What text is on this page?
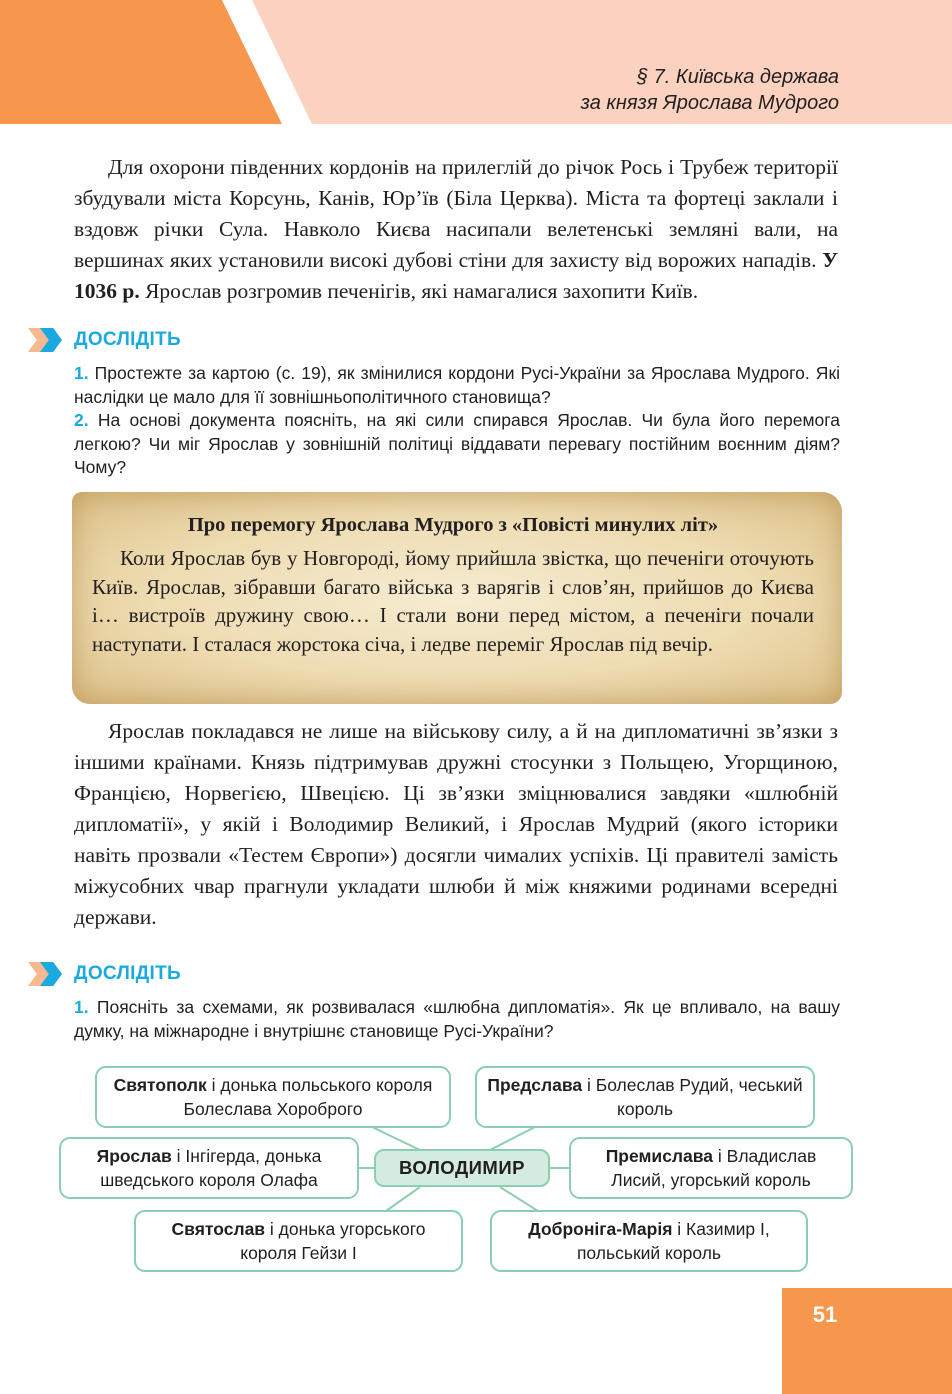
§ 7. Київська держава
за князя Ярослава Мудрого

Для охорони південних кордонів на прилеглій до річок Рось і Трубеж території збудували міста Корсунь, Канів, Юр’їв (Біла Церква). Міста та фортеці заклали і вздовж річки Сула. Навколо Києва насипали велетенські земляні вали, на вершинах яких установили високі дубові стіни для захисту від ворожих нападів. У 1036 р. Ярослав розгромив печенігів, які намагалися захопити Київ.

ДОСЛІДІТЬ

1. Простежте за картою (с. 19), як змінилися кордони Русі-України за Ярослава Мудрого. Які наслідки це мало для її зовнішньополітичного становища?

2. На основі документа поясніть, на які сили спирався Ярослав. Чи була його перемога легкою? Чи міг Ярослав у зовнішній політиці віддавати перевагу постійним воєнним діям? Чому?

Про перемогу Ярослава Мудрого з «Повісті минулих літ»

Коли Ярослав був у Новгороді, йому прийшла звістка, що печеніги оточують Київ. Ярослав, зібравши багато війська з варягів і слов’ян, прийшов до Києва і… вистроїв дружину свою… І стали вони перед містом, а печеніги почали наступати. І сталася жорстока січа, і ледве переміг Ярослав під вечір.

Ярослав покладався не лише на військову силу, а й на дипломатичні зв’язки з іншими країнами. Князь підтримував дружні стосунки з Польщею, Угорщиною, Францією, Норвегією, Швецією. Ці зв’язки зміцнювалися завдяки «шлюбній дипломатії», у якій і Володимир Великий, і Ярослав Мудрий (якого історики навіть прозвали «Тестем Європи») досягли чималих успіхів. Ці правителі замість міжусобних чвар прагнули укладати шлюби й між княжими родинами всередні держави.

ДОСЛІДІТЬ

1. Поясніть за схемами, як розвивалася «шлюбна дипломатія». Як це впливало, на вашу думку, на міжнародне і внутрішнє становище Русі-України?

Святополк і донька польського короля Болеслава Хороброго
Предслава і Болеслав Рудий, чеський король
Ярослав і Інгігерда, донька шведського короля Олафа
Премислава і Владислав Лисий, угорський король
Святослав і донька угорського короля Гейзи І
Доброніга-Марія і Казимир І, польський король
ВОЛОДИМИР
51
